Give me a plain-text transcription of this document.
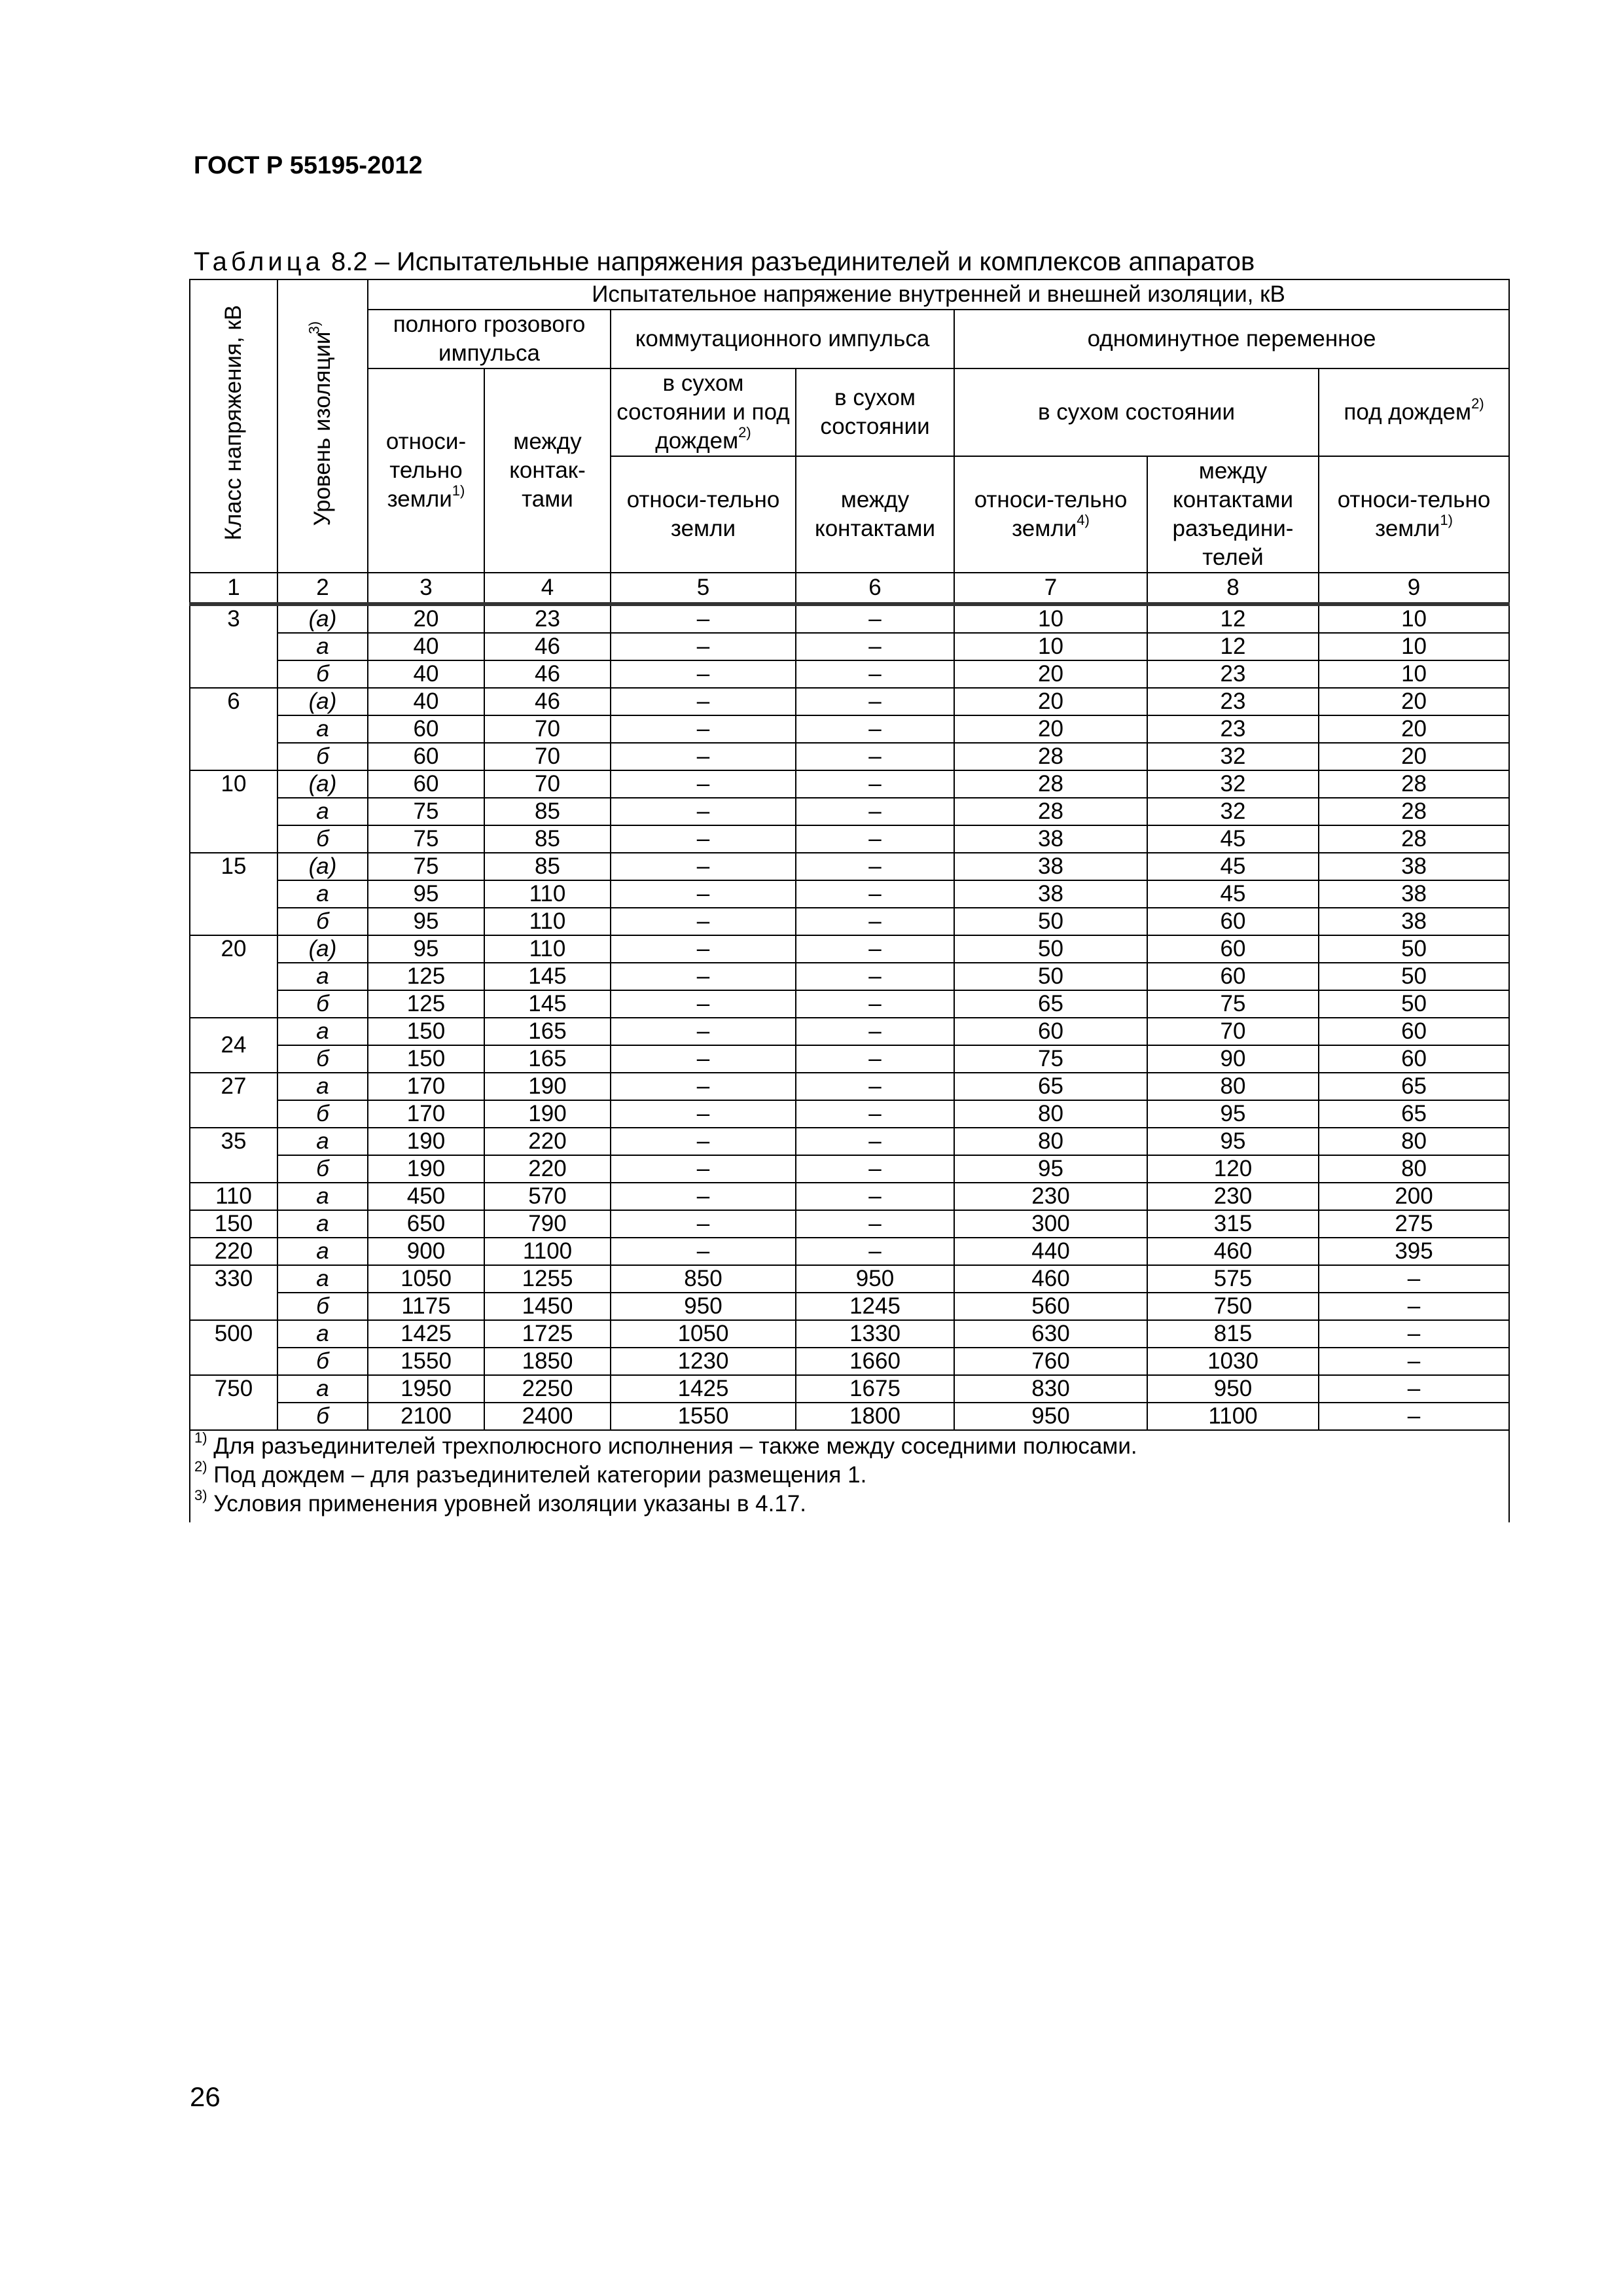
ГОСТ Р 55195-2012
Таблица 8.2 – Испытательные напряжения разъединителей и комплексов аппаратов
Класс напряжения, кВ	Уровень изоляции$^{3)}$	Испытательное напряжение внутренней и внешней изоляции, кВ						
		полного грозового импульса		коммутационного импульса		одноминутное переменное		
		относи-тельно земли$^{1)}$	между контак-тами	в сухом состоянии и под дождем$^{2)}$	в сухом состоянии	в сухом состоянии		под дождем$^{2)}$
				относи-тельно земли	между контактами	относи-тельно земли$^{4)}$	между контактами разъедини-телей	относи-тельно земли$^{1)}$
1	2	3	4	5	6	7	8	9
3	(а)	20	23	–	–	10	12	10
	а	40	46	–	–	10	12	10
	б	40	46	–	–	20	23	10
6	(а)	40	46	–	–	20	23	20
	а	60	70	–	–	20	23	20
	б	60	70	–	–	28	32	20
10	(а)	60	70	–	–	28	32	28
	а	75	85	–	–	28	32	28
	б	75	85	–	–	38	45	28
15	(а)	75	85	–	–	38	45	38
	а	95	110	–	–	38	45	38
	б	95	110	–	–	50	60	38
20	(а)	95	110	–	–	50	60	50
	а	125	145	–	–	50	60	50
	б	125	145	–	–	65	75	50
24	а	150	165	–	–	60	70	60
	б	150	165	–	–	75	90	60
27	а	170	190	–	–	65	80	65
	б	170	190	–	–	80	95	65
35	а	190	220	–	–	80	95	80
	б	190	220	–	–	95	120	80
110	а	450	570	–	–	230	230	200
150	а	650	790	–	–	300	315	275
220	а	900	1100	–	–	440	460	395
330	а	1050	1255	850	950	460	575	–
	б	1175	1450	950	1245	560	750	–
500	а	1425	1725	1050	1330	630	815	–
	б	1550	1850	1230	1660	760	1030	–
750	а	1950	2250	1425	1675	830	950	–
	б	2100	2400	1550	1800	950	1100	–

$^{1)}$ Для разъединителей трехполюсного исполнения – также между соседними полюсами.
$^{2)}$ Под дождем – для разъединителей категории размещения 1.
$^{3)}$ Условия применения уровней изоляции указаны в 4.17.								
26
